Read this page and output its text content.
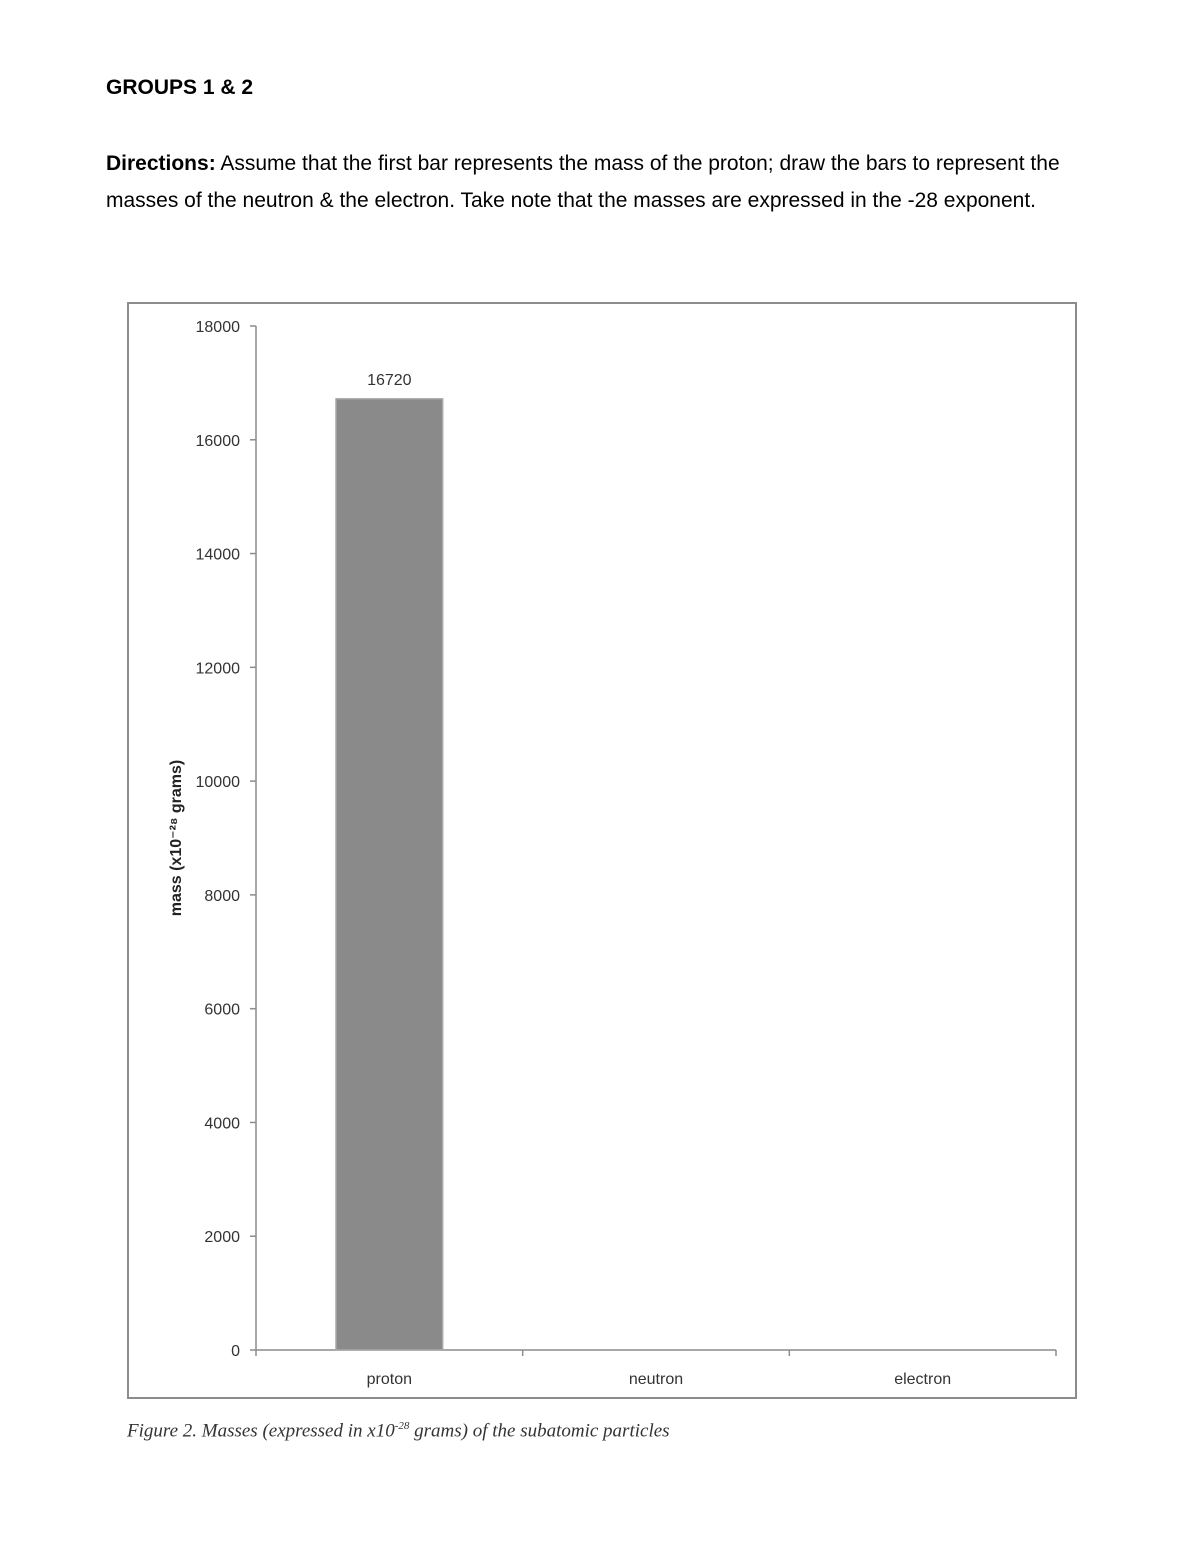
GROUPS 1 & 2
Directions: Assume that the first bar represents the mass of the proton; draw the bars to represent the masses of the neutron & the electron. Take note that the masses are expressed in the -28 exponent.
0
2000
4000
6000
8000
10000
12000
14000
16000
18000
proton	neutron	electron
16720
mass (x10⁻²⁸ grams)
Figure 2. Masses (expressed in $x10^{-28}$ grams) of the subatomic particles
